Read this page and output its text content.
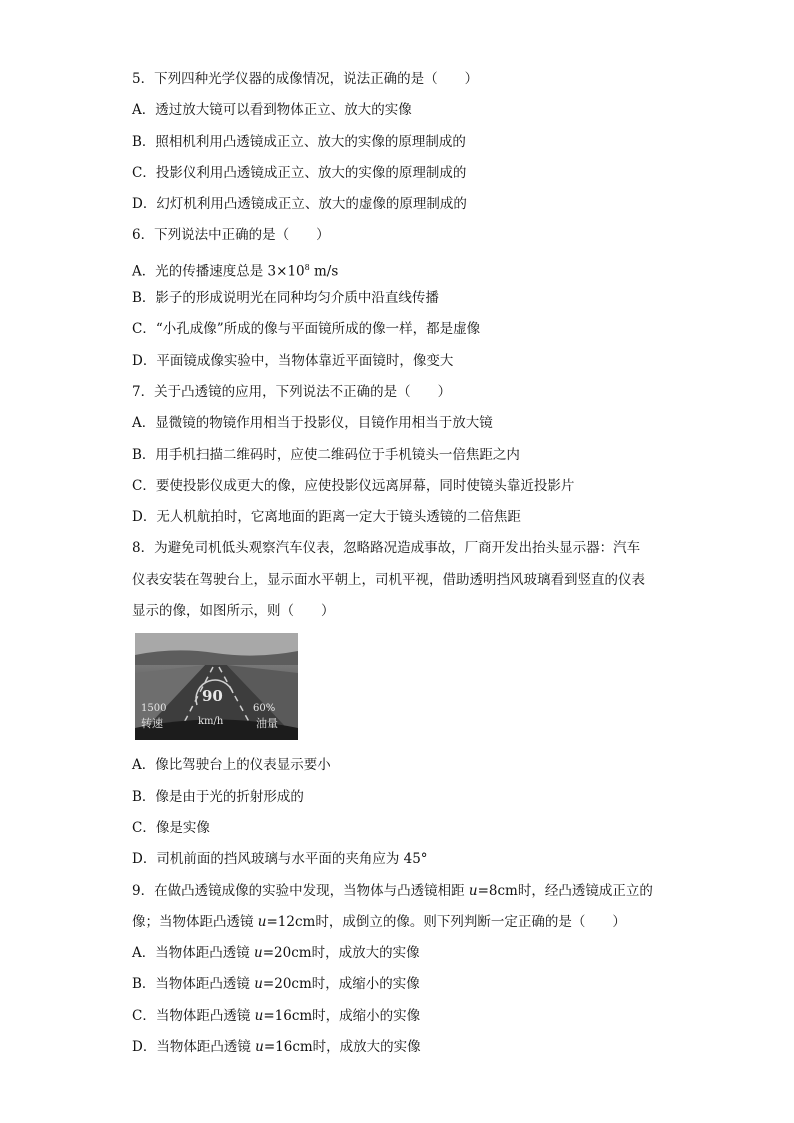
5．下列四种光学仪器的成像情况，说法正确的是（　　）
A．透过放大镜可以看到物体正立、放大的实像
B．照相机利用凸透镜成正立、放大的实像的原理制成的
C．投影仪利用凸透镜成正立、放大的实像的原理制成的
D．幻灯机利用凸透镜成正立、放大的虚像的原理制成的
6．下列说法中正确的是（　　）
A．光的传播速度总是 $3\times 10^8$ m/s
B．影子的形成说明光在同种均匀介质中沿直线传播
C．“小孔成像”所成的像与平面镜所成的像一样，都是虚像
D．平面镜成像实验中，当物体靠近平面镜时，像变大
7．关于凸透镜的应用，下列说法不正确的是（　　）
A．显微镜的物镜作用相当于投影仪，目镜作用相当于放大镜
B．用手机扫描二维码时，应使二维码位于手机镜头一倍焦距之内
C．要使投影仪成更大的像，应使投影仪远离屏幕，同时使镜头靠近投影片
D．无人机航拍时，它离地面的距离一定大于镜头透镜的二倍焦距
8．为避免司机低头观察汽车仪表，忽略路况造成事故，厂商开发出抬头显示器：汽车
仪表安装在驾驶台上，显示面水平朝上，司机平视，借助透明挡风玻璃看到竖直的仪表
显示的像，如图所示，则（　　）
90
1500	60%
转速	km/h	油量
A．像比驾驶台上的仪表显示要小
B．像是由于光的折射形成的
C．像是实像
D．司机前面的挡风玻璃与水平面的夹角应为 45°
9．在做凸透镜成像的实验中发现，当物体与凸透镜相距 u=8cm时，经凸透镜成正立的
像；当物体距凸透镜 u=12cm时，成倒立的像。则下列判断一定正确的是（　　）
A．当物体距凸透镜 u=20cm时，成放大的实像
B．当物体距凸透镜 u=20cm时，成缩小的实像
C．当物体距凸透镜 u=16cm时，成缩小的实像
D．当物体距凸透镜 u=16cm时，成放大的实像
